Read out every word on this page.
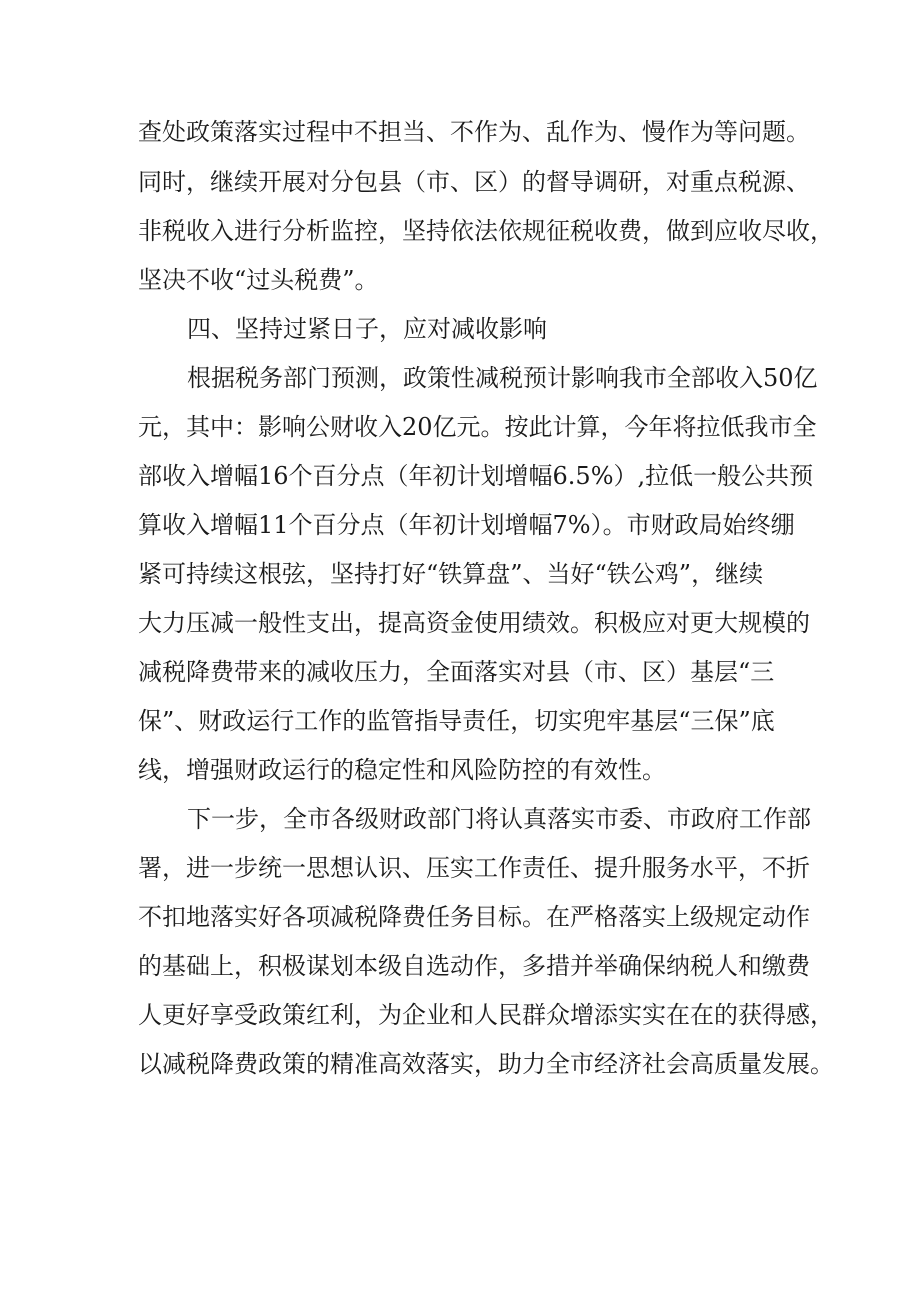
查处政策落实过程中不担当、不作为、乱作为、慢作为等问题。
同时，继续开展对分包县（市、区）的督导调研，对重点税源、
非税收入进行分析监控，坚持依法依规征税收费，做到应收尽收，
坚决不收“过头税费”。
四、坚持过紧日子，应对减收影响
根据税务部门预测，政策性减税预计影响我市全部收入50亿
元，其中：影响公财收入20亿元。按此计算，今年将拉低我市全
部收入增幅16个百分点（年初计划增幅6.5%）,拉低一般公共预
算收入增幅11个百分点（年初计划增幅7%）。市财政局始终绷
紧可持续这根弦，坚持打好“铁算盘”、当好“铁公鸡”，继续
大力压减一般性支出，提高资金使用绩效。积极应对更大规模的
减税降费带来的减收压力，全面落实对县（市、区）基层“三
保”、财政运行工作的监管指导责任，切实兜牢基层“三保”底
线，增强财政运行的稳定性和风险防控的有效性。
下一步，全市各级财政部门将认真落实市委、市政府工作部
署，进一步统一思想认识、压实工作责任、提升服务水平，不折
不扣地落实好各项减税降费任务目标。在严格落实上级规定动作
的基础上，积极谋划本级自选动作，多措并举确保纳税人和缴费
人更好享受政策红利，为企业和人民群众增添实实在在的获得感，
以减税降费政策的精准高效落实，助力全市经济社会高质量发展。
